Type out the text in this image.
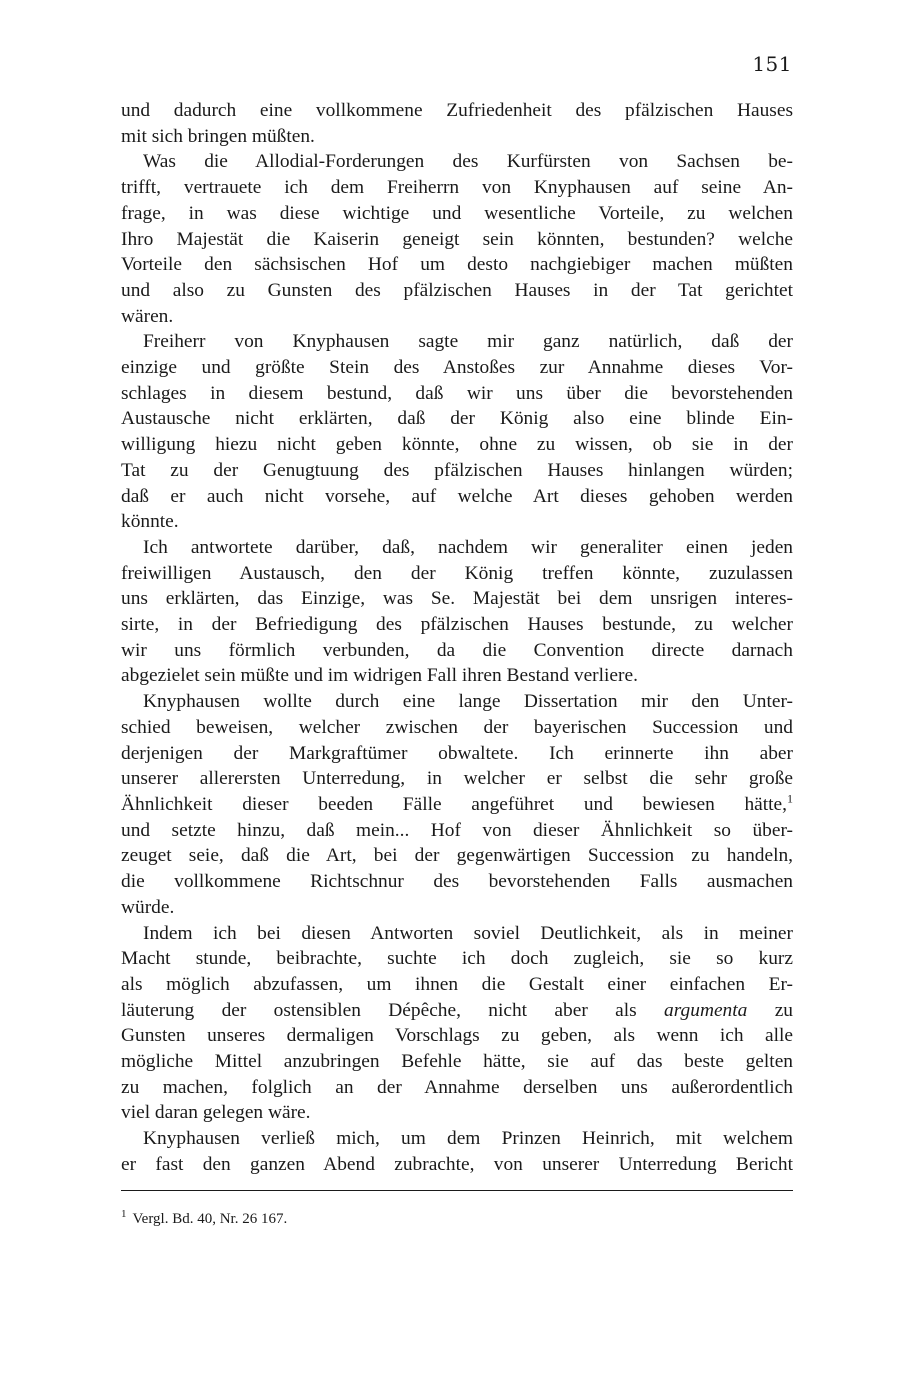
151
und dadurch eine vollkommene Zufriedenheit des pfälzischen Hauses
mit sich bringen müßten.
Was die Allodial-Forderungen des Kurfürsten von Sachsen be-
trifft, vertrauete ich dem Freiherrn von Knyphausen auf seine An-
frage, in was diese wichtige und wesentliche Vorteile, zu welchen
Ihro Majestät die Kaiserin geneigt sein könnten, bestunden? welche
Vorteile den sächsischen Hof um desto nachgiebiger machen müßten
und also zu Gunsten des pfälzischen Hauses in der Tat gerichtet
wären.
Freiherr von Knyphausen sagte mir ganz natürlich, daß der
einzige und größte Stein des Anstoßes zur Annahme dieses Vor-
schlages in diesem bestund, daß wir uns über die bevorstehenden
Austausche nicht erklärten, daß der König also eine blinde Ein-
willigung hiezu nicht geben könnte, ohne zu wissen, ob sie in der
Tat zu der Genugtuung des pfälzischen Hauses hinlangen würden;
daß er auch nicht vorsehe, auf welche Art dieses gehoben werden
könnte.
Ich antwortete darüber, daß, nachdem wir generaliter einen jeden
freiwilligen Austausch, den der König treffen könnte, zuzulassen
uns erklärten, das Einzige, was Se. Majestät bei dem unsrigen interes-
sirte, in der Befriedigung des pfälzischen Hauses bestunde, zu welcher
wir uns förmlich verbunden, da die Convention directe darnach
abgezielet sein müßte und im widrigen Fall ihren Bestand verliere.
Knyphausen wollte durch eine lange Dissertation mir den Unter-
schied beweisen, welcher zwischen der bayerischen Succession und
derjenigen der Markgraftümer obwaltete. Ich erinnerte ihn aber
unserer allerersten Unterredung, in welcher er selbst die sehr große
Ähnlichkeit dieser beeden Fälle angeführet und bewiesen hätte,$^1$
und setzte hinzu, daß mein... Hof von dieser Ähnlichkeit so über-
zeuget seie, daß die Art, bei der gegenwärtigen Succession zu handeln,
die vollkommene Richtschnur des bevorstehenden Falls ausmachen
würde.
Indem ich bei diesen Antworten soviel Deutlichkeit, als in meiner
Macht stunde, beibrachte, suchte ich doch zugleich, sie so kurz
als möglich abzufassen, um ihnen die Gestalt einer einfachen Er-
läuterung der ostensiblen Dépêche, nicht aber als argumenta zu
Gunsten unseres dermaligen Vorschlags zu geben, als wenn ich alle
mögliche Mittel anzubringen Befehle hätte, sie auf das beste gelten
zu machen, folglich an der Annahme derselben uns außerordentlich
viel daran gelegen wäre.
Knyphausen verließ mich, um dem Prinzen Heinrich, mit welchem
er fast den ganzen Abend zubrachte, von unserer Unterredung Bericht
$^1$ Vergl. Bd. 40, Nr. 26 167.
